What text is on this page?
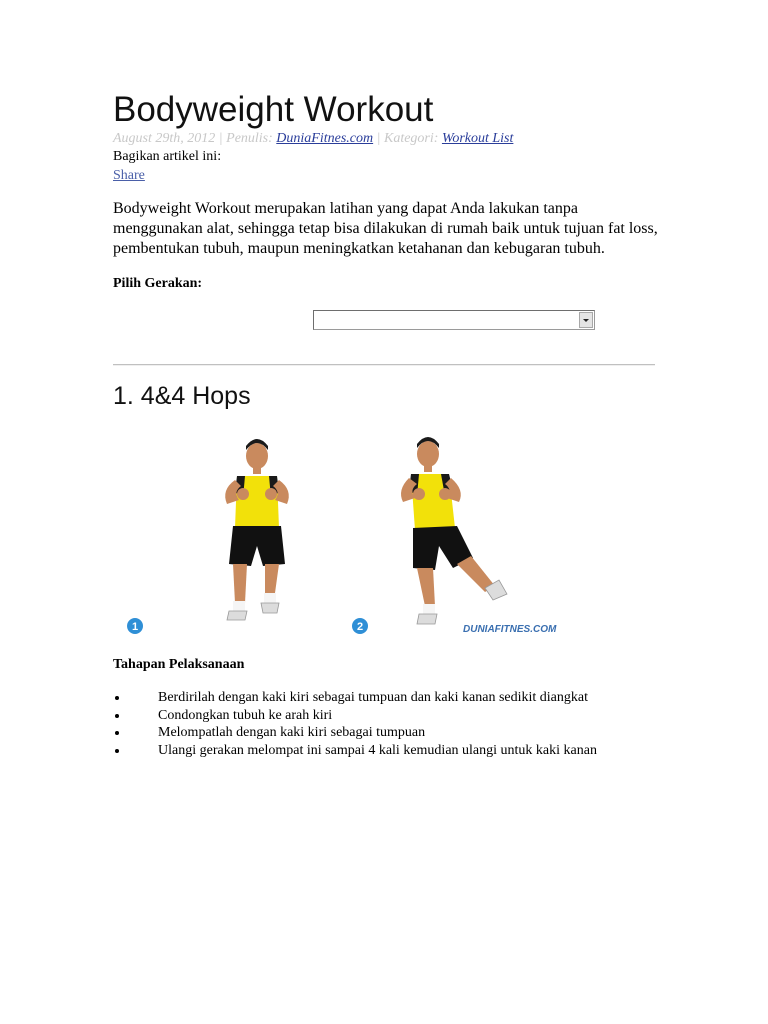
Bodyweight Workout
August 29th, 2012 | Penulis: DuniaFitnes.com | Kategori: Workout List
Bagikan artikel ini:
Share
Bodyweight Workout merupakan latihan yang dapat Anda lakukan tanpa menggunakan alat, sehingga tetap bisa dilakukan di rumah baik untuk tujuan fat loss, pembentukan tubuh, maupun meningkatkan ketahanan dan kebugaran tubuh.
Pilih Gerakan:
1. 4&4 Hops
1	2	DUNIAFITNES.COM
Tahapan Pelaksanaan
Berdirilah dengan kaki kiri sebagai tumpuan dan kaki kanan sedikit diangkat
Condongkan tubuh ke arah kiri
Melompatlah dengan kaki kiri sebagai tumpuan
Ulangi gerakan melompat ini sampai 4 kali kemudian ulangi untuk kaki kanan
